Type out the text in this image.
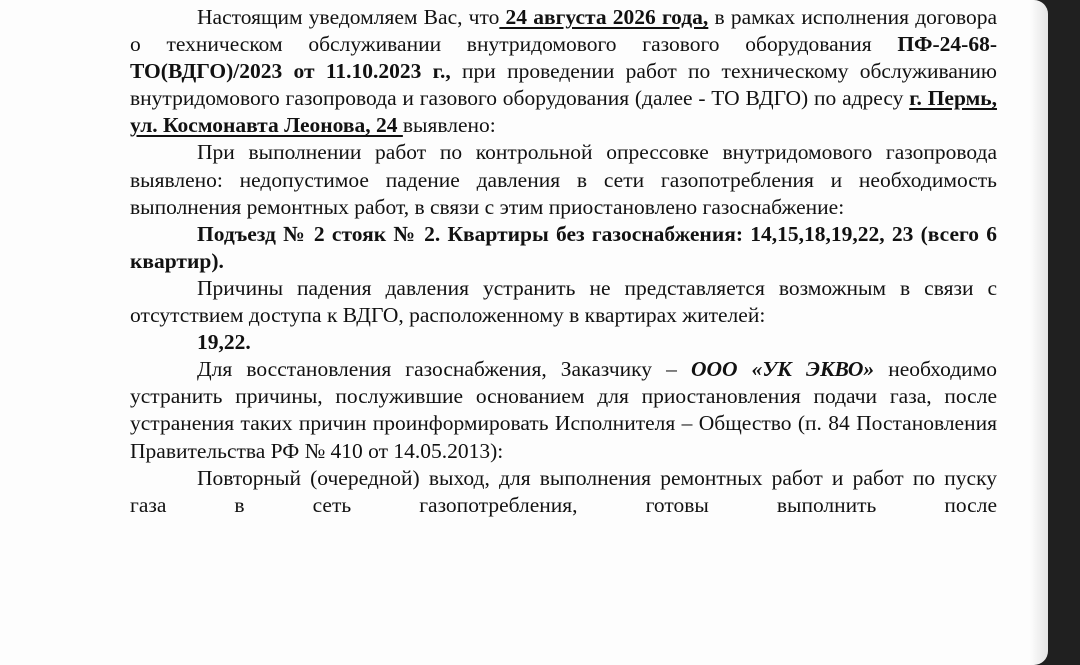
Настоящим уведомляем Вас, что 24 августа 2026 года, в рамках исполнения договора о техническом обслуживании внутридомового газового оборудования ПФ-24-68-ТО(ВДГО)/2023 от 11.10.2023 г., при проведении работ по техническому обслуживанию внутридомового газопровода и газового оборудования (далее - ТО ВДГО) по адресу г. Пермь, ул. Космонавта Леонова, 24 выявлено:

При выполнении работ по контрольной опрессовке внутридомового газопровода выявлено: недопустимое падение давления в сети газопотребления и необходимость выполнения ремонтных работ, в связи с этим приостановлено газоснабжение:

Подъезд № 2 стояк № 2. Квартиры без газоснабжения: 14,15,18,19,22, 23 (всего 6 квартир).

Причины падения давления устранить не представляется возможным в связи с отсутствием доступа к ВДГО, расположенному в квартирах жителей:

19,22.

Для восстановления газоснабжения, Заказчику – ООО «УК ЭКВО» необходимо устранить причины, послужившие основанием для приостановления подачи газа, после устранения таких причин проинформировать Исполнителя – Общество (п. 84 Постановления Правительства РФ № 410 от 14.05.2013):

Повторный (очередной) выход, для выполнения ремонтных работ и работ по пуску газа в сеть газопотребления, готовы выполнить после
